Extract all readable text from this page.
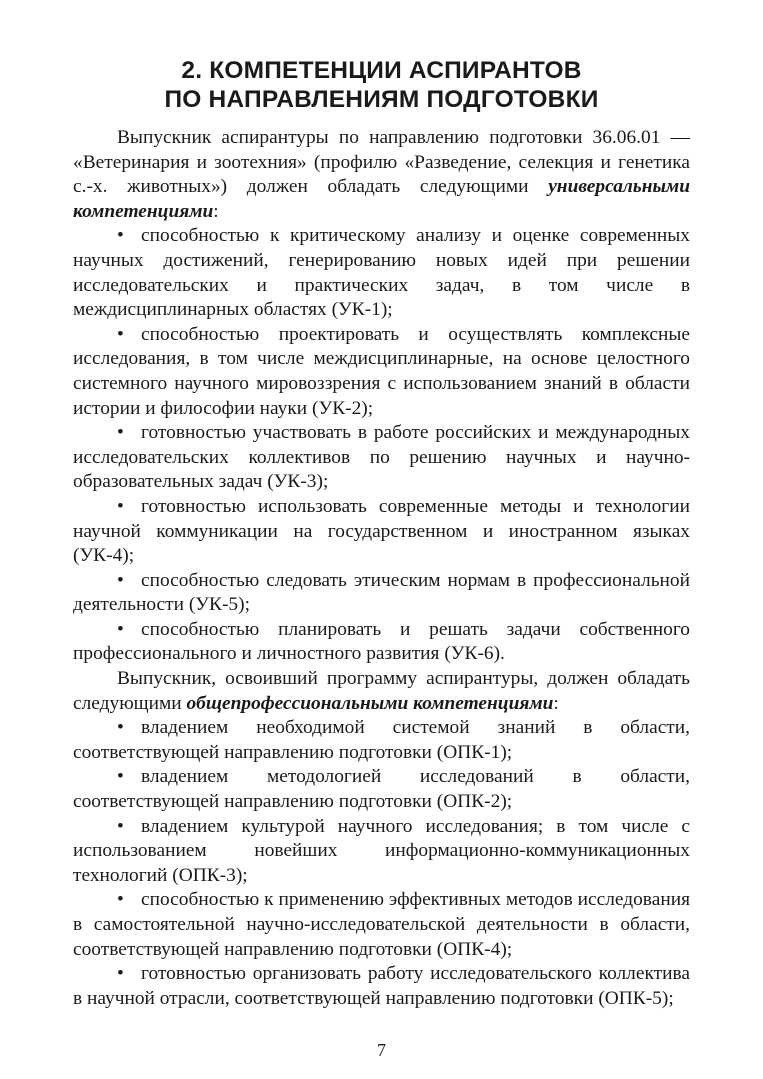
2. КОМПЕТЕНЦИИ АСПИРАНТОВ
ПО НАПРАВЛЕНИЯМ ПОДГОТОВКИ

Выпускник аспирантуры по направлению подготовки 36.06.01 — «Ветеринария и зоотехния» (профилю «Разведение, селекция и генетика с.-х. животных») должен обладать следующими универсальными компетенциями:

• способностью к критическому анализу и оценке современных научных достижений, генерированию новых идей при решении исследовательских и практических задач, в том числе в междисциплинарных областях (УК-1);

• способностью проектировать и осуществлять комплексные исследования, в том числе междисциплинарные, на основе целостного системного научного мировоззрения с использованием знаний в области истории и философии науки (УК-2);

• готовностью участвовать в работе российских и международных исследовательских коллективов по решению научных и научно-образовательных задач (УК-3);

• готовностью использовать современные методы и технологии научной коммуникации на государственном и иностранном языках (УК-4);

• способностью следовать этическим нормам в профессиональной деятельности (УК-5);

• способностью планировать и решать задачи собственного профессионального и личностного развития (УК-6).

Выпускник, освоивший программу аспирантуры, должен обладать следующими общепрофессиональными компетенциями:

• владением необходимой системой знаний в области, соответствующей направлению подготовки (ОПК-1);

• владением методологией исследований в области, соответствующей направлению подготовки (ОПК-2);

• владением культурой научного исследования; в том числе с использованием новейших информационно-коммуникационных технологий (ОПК-3);

• способностью к применению эффективных методов исследования в самостоятельной научно-исследовательской деятельности в области, соответствующей направлению подготовки (ОПК-4);

• готовностью организовать работу исследовательского коллектива в научной отрасли, соответствующей направлению подготовки (ОПК-5);

7
